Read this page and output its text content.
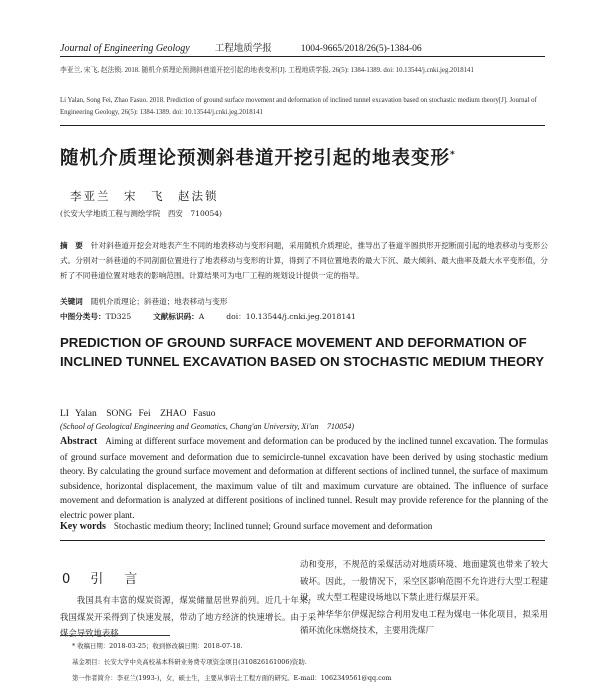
Journal of Engineering Geology	工程地质学报	1004-9665/2018/26(5)-1384-06
李亚兰, 宋飞, 赵法锁. 2018. 随机介质理论预测斜巷道开挖引起的地表变形[J]. 工程地质学报, 26(5): 1384-1389. doi: 10.13544/j.cnki.jeg.2018141
Li Yalan, Song Fei, Zhao Fasuo. 2018. Prediction of ground surface movement and deformation of inclined tunnel excavation based on stochastic medium theory[J]. Journal of Engineering Geology, 26(5): 1384-1389. doi: 10.13544/j.cnki.jeg.2018141
随机介质理论预测斜巷道开挖引起的地表变形*
李亚兰　宋　飞　赵法锁
(长安大学地质工程与测绘学院　西安　710054)
摘　要 针对斜巷道开挖会对地表产生不同的地表移动与变形问题，采用随机介质理论，推导出了巷道半圆拱形开挖断面引起的地表移动与变形公式。分别对一斜巷道的不同剖面位置进行了地表移动与变形的计算，得到了不同位置地表的最大下沉、最大倾斜、最大曲率及最大水平变形值，分析了不同巷道位置对地表的影响范围。计算结果可为电厂工程的规划设计提供一定的指导。
关键词 随机介质理论；斜巷道；地表移动与变形
中图分类号：TD325	文献标识码：A	doi：10.13544/j.cnki.jeg.2018141
PREDICTION OF GROUND SURFACE MOVEMENT AND DEFORMATION OF INCLINED TUNNEL EXCAVATION BASED ON STOCHASTIC MEDIUM THEORY
LI Yalan　SONG Fei　ZHAO Fasuo
(School of Geological Engineering and Geomatics, Chang'an University, Xi'an　710054)
Abstract Aiming at different surface movement and deformation can be produced by the inclined tunnel excavation. The formulas of ground surface movement and deformation due to semicircle-tunnel excavation have been derived by using stochastic medium theory. By calculating the ground surface movement and deformation at different sections of inclined tunnel, the surface of maximum subsidence, horizontal displacement, the maximum value of tilt and maximum curvature are obtained. The influence of surface movement and deformation is analyzed at different positions of inclined tunnel. Result may provide reference for the planning of the electric power plant.
Key words Stochastic medium theory; Inclined tunnel; Ground surface movement and deformation
0 引　言

我国具有丰富的煤炭资源，煤炭储量居世界前列。近几十年来，我国煤炭开采得到了快速发展，带动了地方经济的快速增长。由于采煤会导致地表移

动和变形，不规范的采煤活动对地质环境、地面建筑也带来了较大破坏。因此，一般情况下，采空区影响范围不允许进行大型工程建设，或大型工程建设场地以下禁止进行煤层开采。

神华华尔伊煤泥综合利用发电工程为煤电一体化项目，拟采用循环流化床燃烧技术，主要用洗煤厂

* 收稿日期：2018-03-25；收到修改稿日期：2018-07-18.
基金项目：长安大学中央高校基本科研业务费专项资金项目(310826161006)资助.
第一作者简介：李亚兰(1993-)，女，硕士生，主要从事岩土工程方面的研究。E-mail：1062349561@qq.com
